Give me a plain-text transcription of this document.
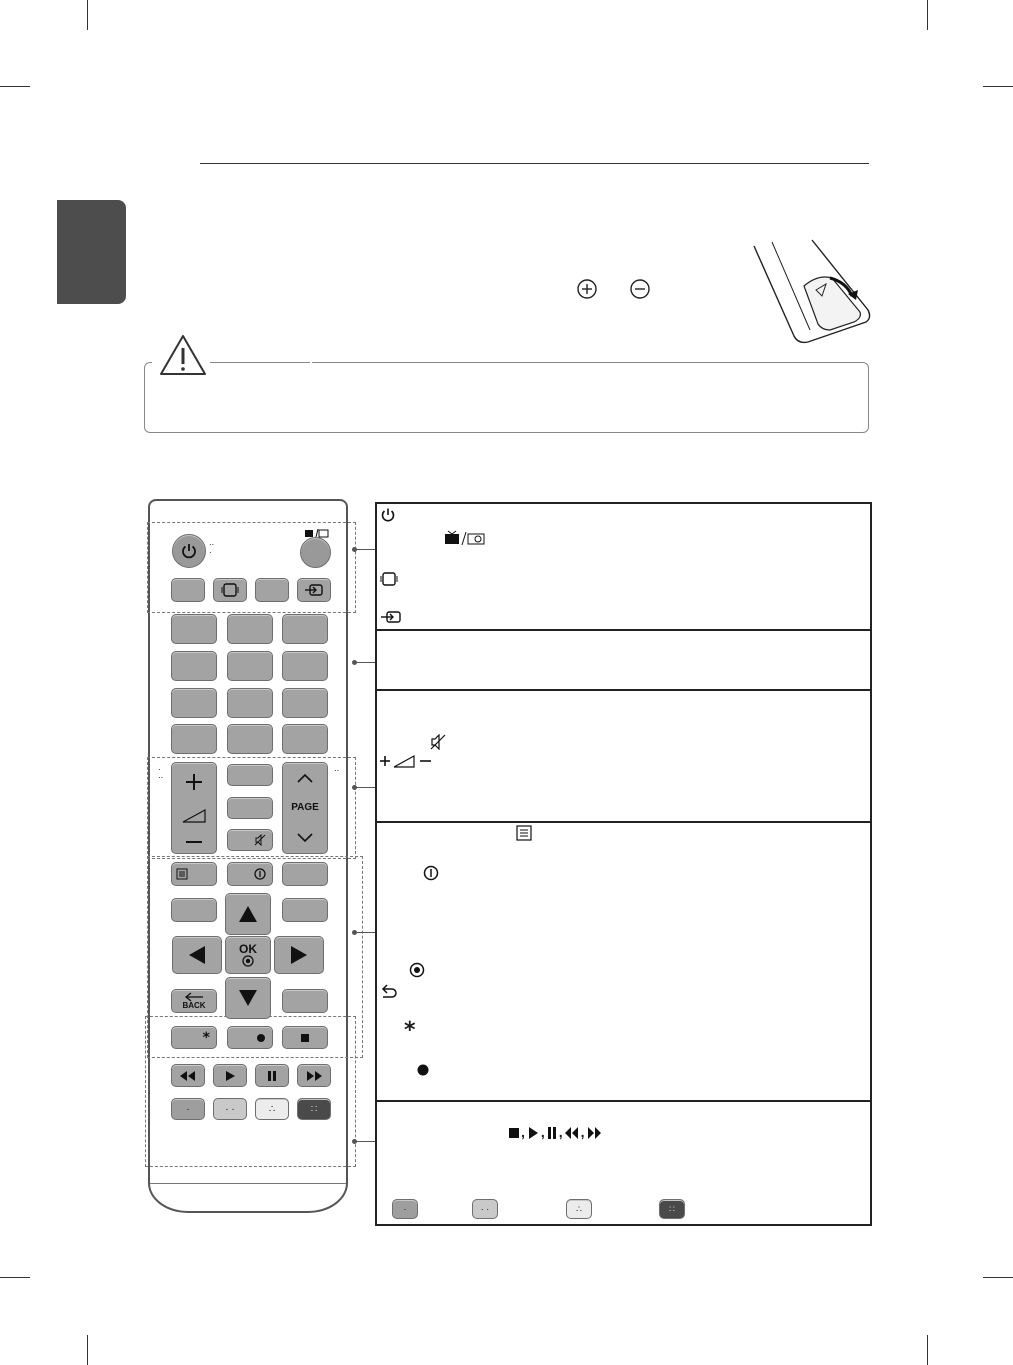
∙∙
∙
∙
∙∙
∙∙
PAGE
OK
BACK
*
·	· ·	∴	∷
*
, , , ,
·	· ·	∴	∷
